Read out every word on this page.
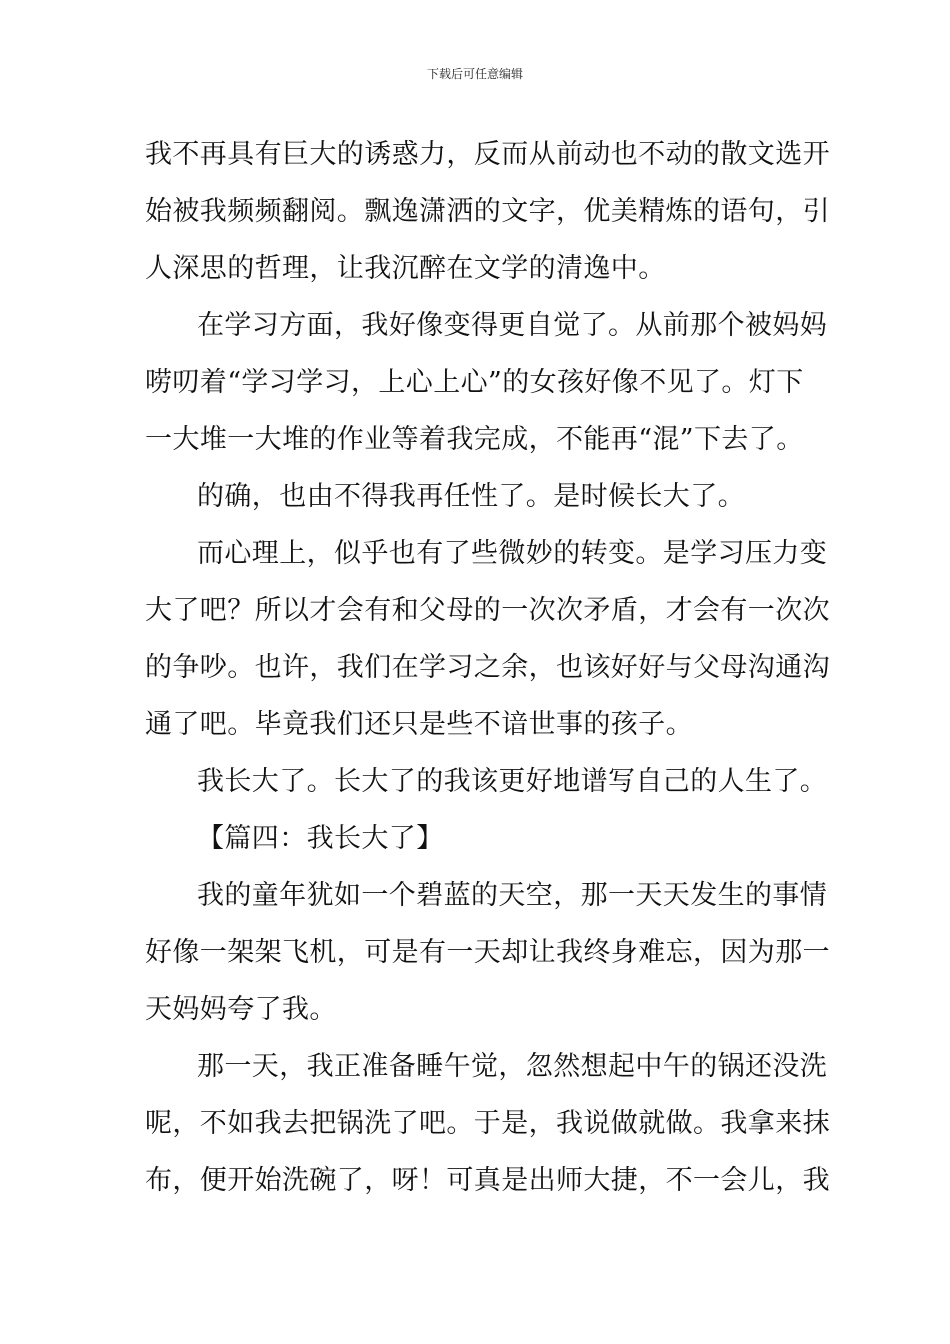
下载后可任意编辑
我不再具有巨大的诱惑力，反而从前动也不动的散文选开
始被我频频翻阅。飘逸潇洒的文字，优美精炼的语句，引
人深思的哲理，让我沉醉在文学的清逸中。
在学习方面，我好像变得更自觉了。从前那个被妈妈
唠叨着“学习学习，上心上心”的女孩好像不见了。灯下
一大堆一大堆的作业等着我完成，不能再“混”下去了。
的确，也由不得我再任性了。是时候长大了。
而心理上，似乎也有了些微妙的转变。是学习压力变
大了吧？所以才会有和父母的一次次矛盾，才会有一次次
的争吵。也许，我们在学习之余，也该好好与父母沟通沟
通了吧。毕竟我们还只是些不谙世事的孩子。
我长大了。长大了的我该更好地谱写自己的人生了。
【篇四：我长大了】
我的童年犹如一个碧蓝的天空，那一天天发生的事情
好像一架架飞机，可是有一天却让我终身难忘，因为那一
天妈妈夸了我。
那一天，我正准备睡午觉，忽然想起中午的锅还没洗
呢，不如我去把锅洗了吧。于是，我说做就做。我拿来抹
布，便开始洗碗了，呀！可真是出师大捷，不一会儿，我
